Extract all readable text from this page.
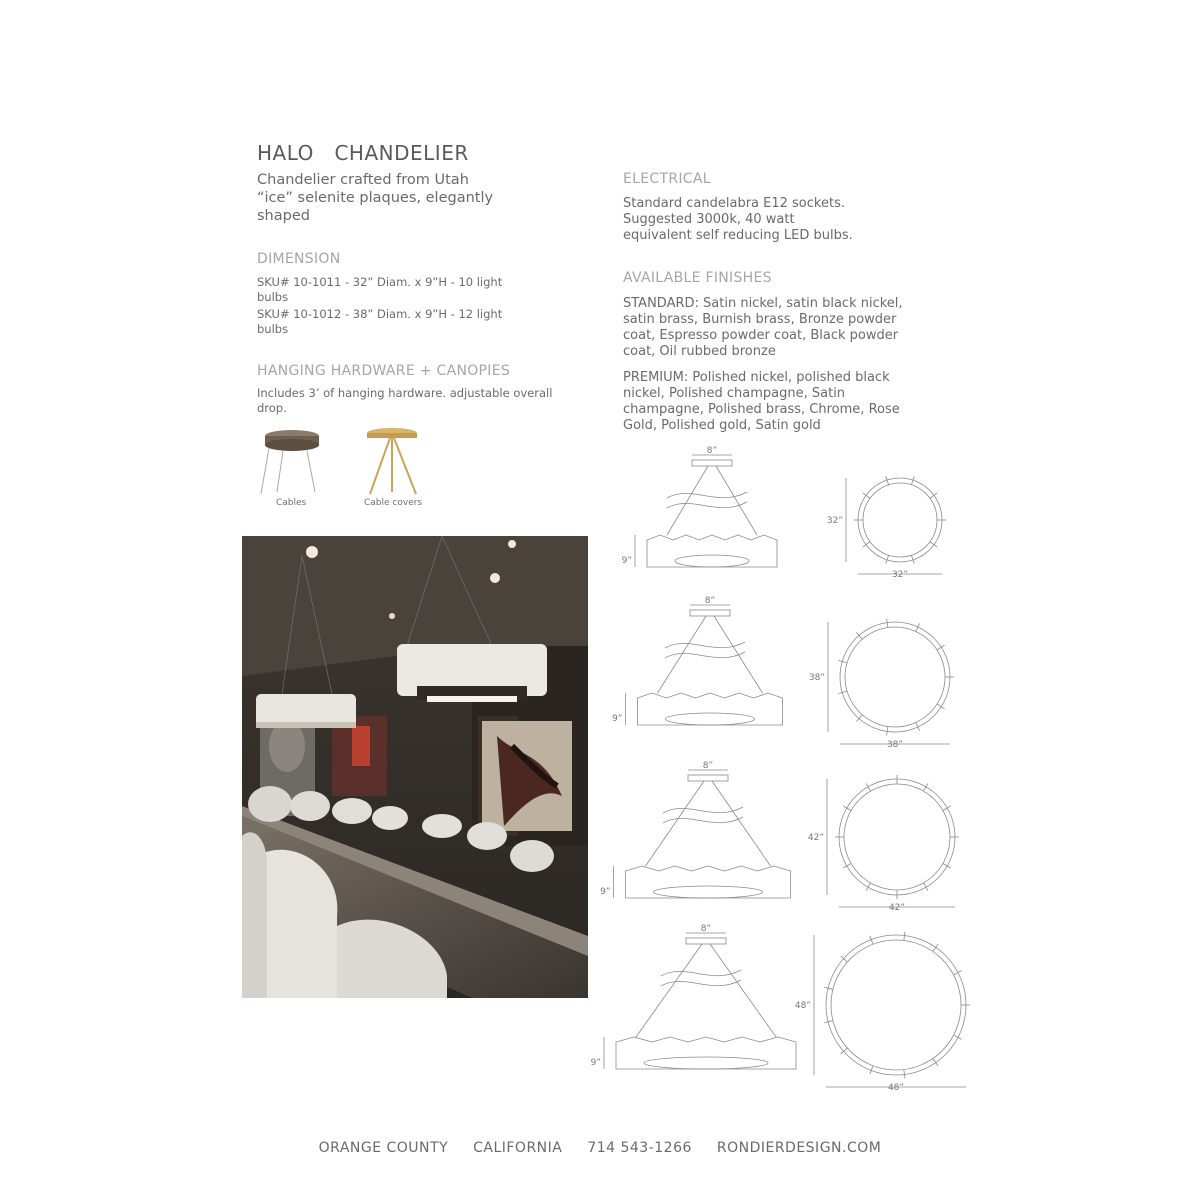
HALO   CHANDELIER
Chandelier crafted from Utah “ice” selenite plaques, elegantly shaped
DIMENSION
SKU# 10-1011 - 32” Diam. x 9”H - 10 light bulbs
SKU# 10-1012 - 38” Diam. x 9”H - 12 light bulbs
HANGING HARDWARE + CANOPIES
Includes 3’ of hanging hardware. adjustable overall drop.
Cables	Cable covers
ELECTRICAL
Standard candelabra E12 sockets. Suggested 3000k, 40 watt equivalent self reducing LED bulbs.
AVAILABLE FINISHES
STANDARD: Satin nickel, satin black nickel, satin brass, Burnish brass, Bronze powder coat, Espresso powder coat, Black powder coat, Oil rubbed bronze
PREMIUM: Polished nickel, polished black nickel, Polished champagne, Satin champagne, Polished brass, Chrome, Rose Gold, Polished gold, Satin gold
8”
9”
32”
32”
8”
9”
38”
38”
8”
9”
42”
42”
8”
9”
48”
48”
ORANGE COUNTY CALIFORNIA 714 543-1266 RONDIERDESIGN.COM
